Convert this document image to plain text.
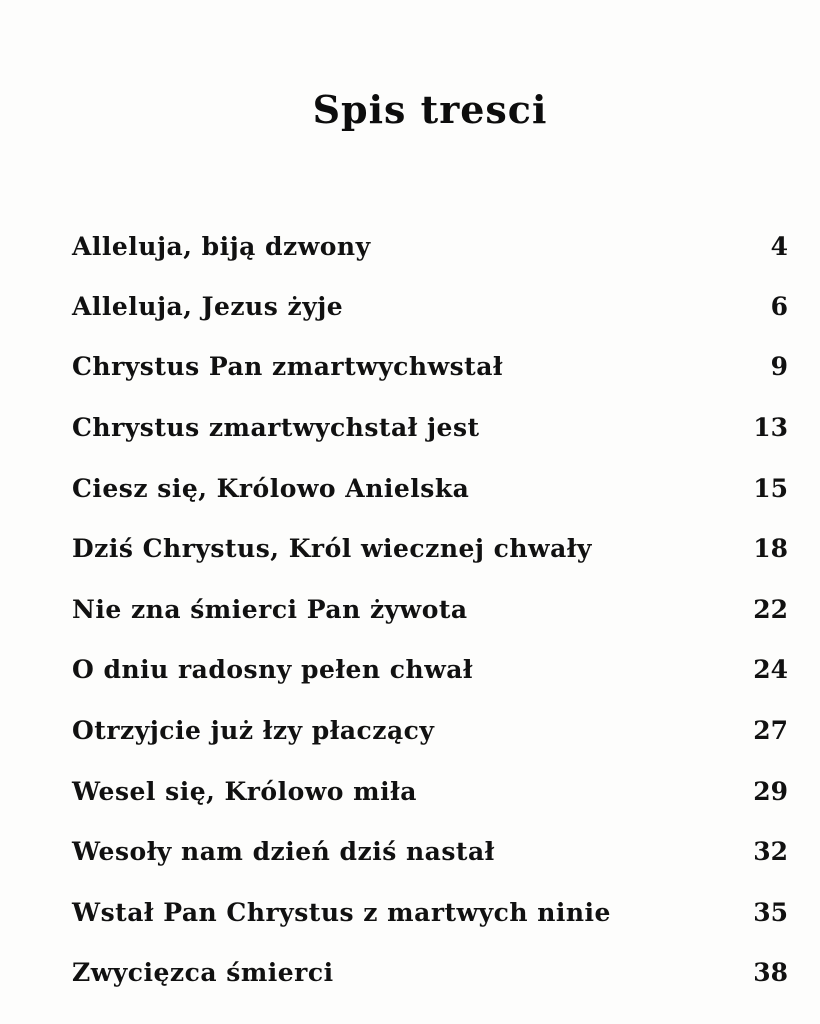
Spis tresci
Alleluja, biją dzwony	4
Alleluja, Jezus żyje	6
Chrystus Pan zmartwychwstał	9
Chrystus zmartwychstał jest	13
Ciesz się, Królowo Anielska	15
Dziś Chrystus, Król wiecznej chwały	18
Nie zna śmierci Pan żywota	22
O dniu radosny pełen chwał	24
Otrzyjcie już łzy płaczący	27
Wesel się, Królowo miła	29
Wesoły nam dzień dziś nastał	32
Wstał Pan Chrystus z martwych ninie	35
Zwycięzca śmierci	38
